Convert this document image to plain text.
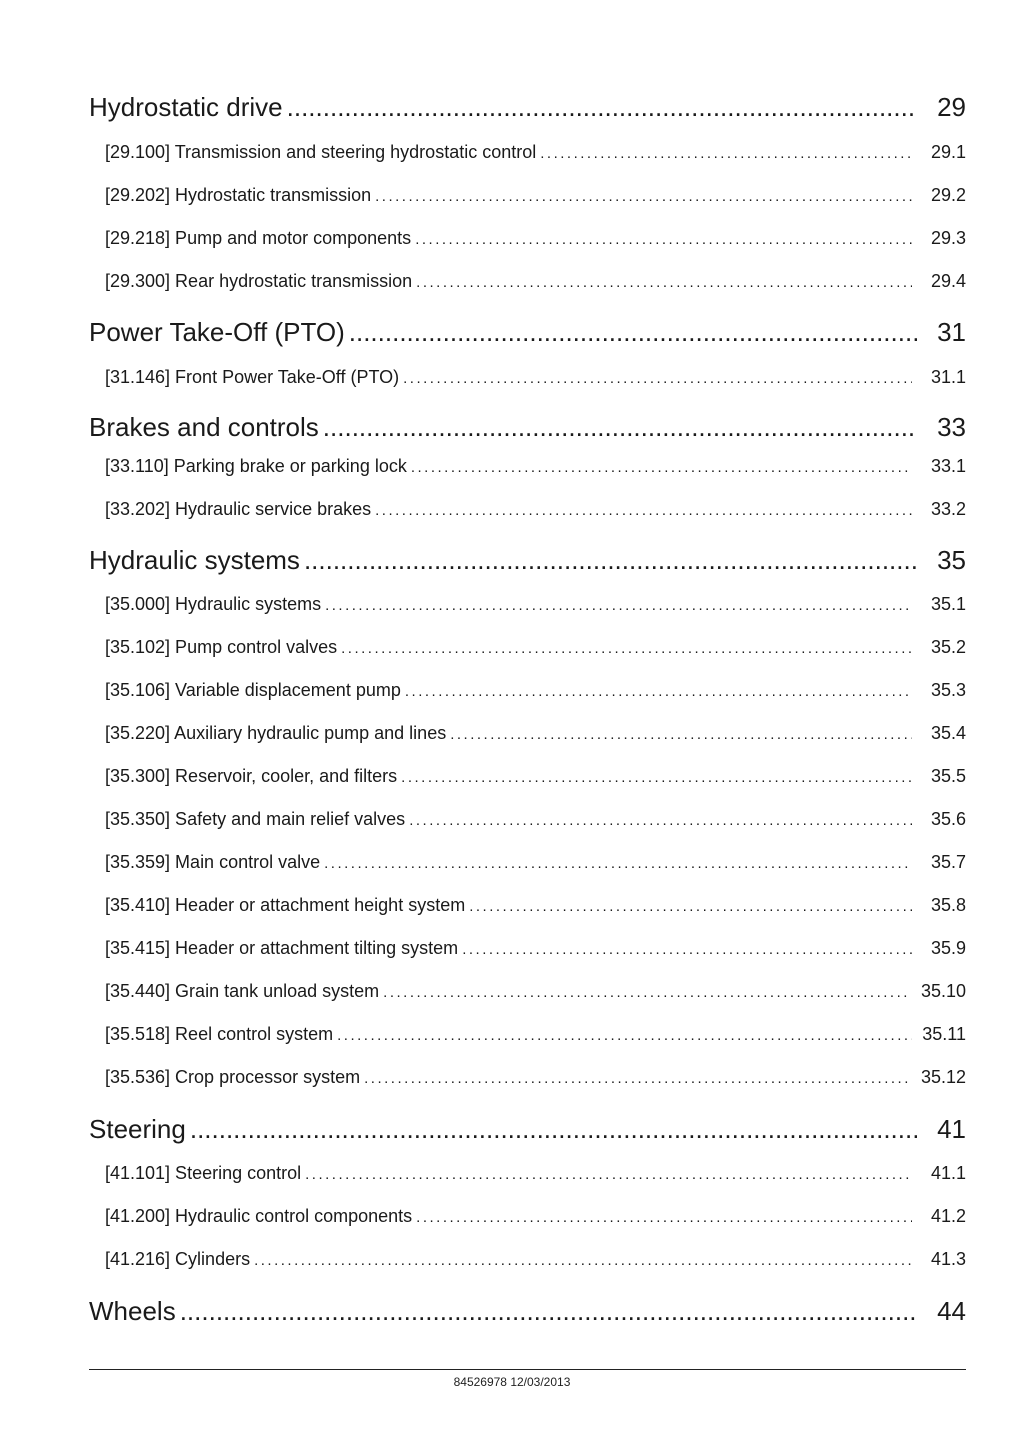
Hydrostatic drive .....	29
[29.100] Transmission and steering hydrostatic control .....	29.1
[29.202] Hydrostatic transmission .....	29.2
[29.218] Pump and motor components .....	29.3
[29.300] Rear hydrostatic transmission .....	29.4
Power Take-Off (PTO) .....	31
[31.146] Front Power Take-Off (PTO) .....	31.1
Brakes and controls .....	33
[33.110] Parking brake or parking lock .....	33.1
[33.202] Hydraulic service brakes .....	33.2
Hydraulic systems .....	35
[35.000] Hydraulic systems .....	35.1
[35.102] Pump control valves .....	35.2
[35.106] Variable displacement pump .....	35.3
[35.220] Auxiliary hydraulic pump and lines .....	35.4
[35.300] Reservoir, cooler, and filters .....	35.5
[35.350] Safety and main relief valves .....	35.6
[35.359] Main control valve .....	35.7
[35.410] Header or attachment height system .....	35.8
[35.415] Header or attachment tilting system .....	35.9
[35.440] Grain tank unload system .....	35.10
[35.518] Reel control system .....	35.11
[35.536] Crop processor system .....	35.12
Steering .....	41
[41.101] Steering control .....	41.1
[41.200] Hydraulic control components .....	41.2
[41.216] Cylinders .....	41.3
Wheels .....	44
84526978 12/03/2013
